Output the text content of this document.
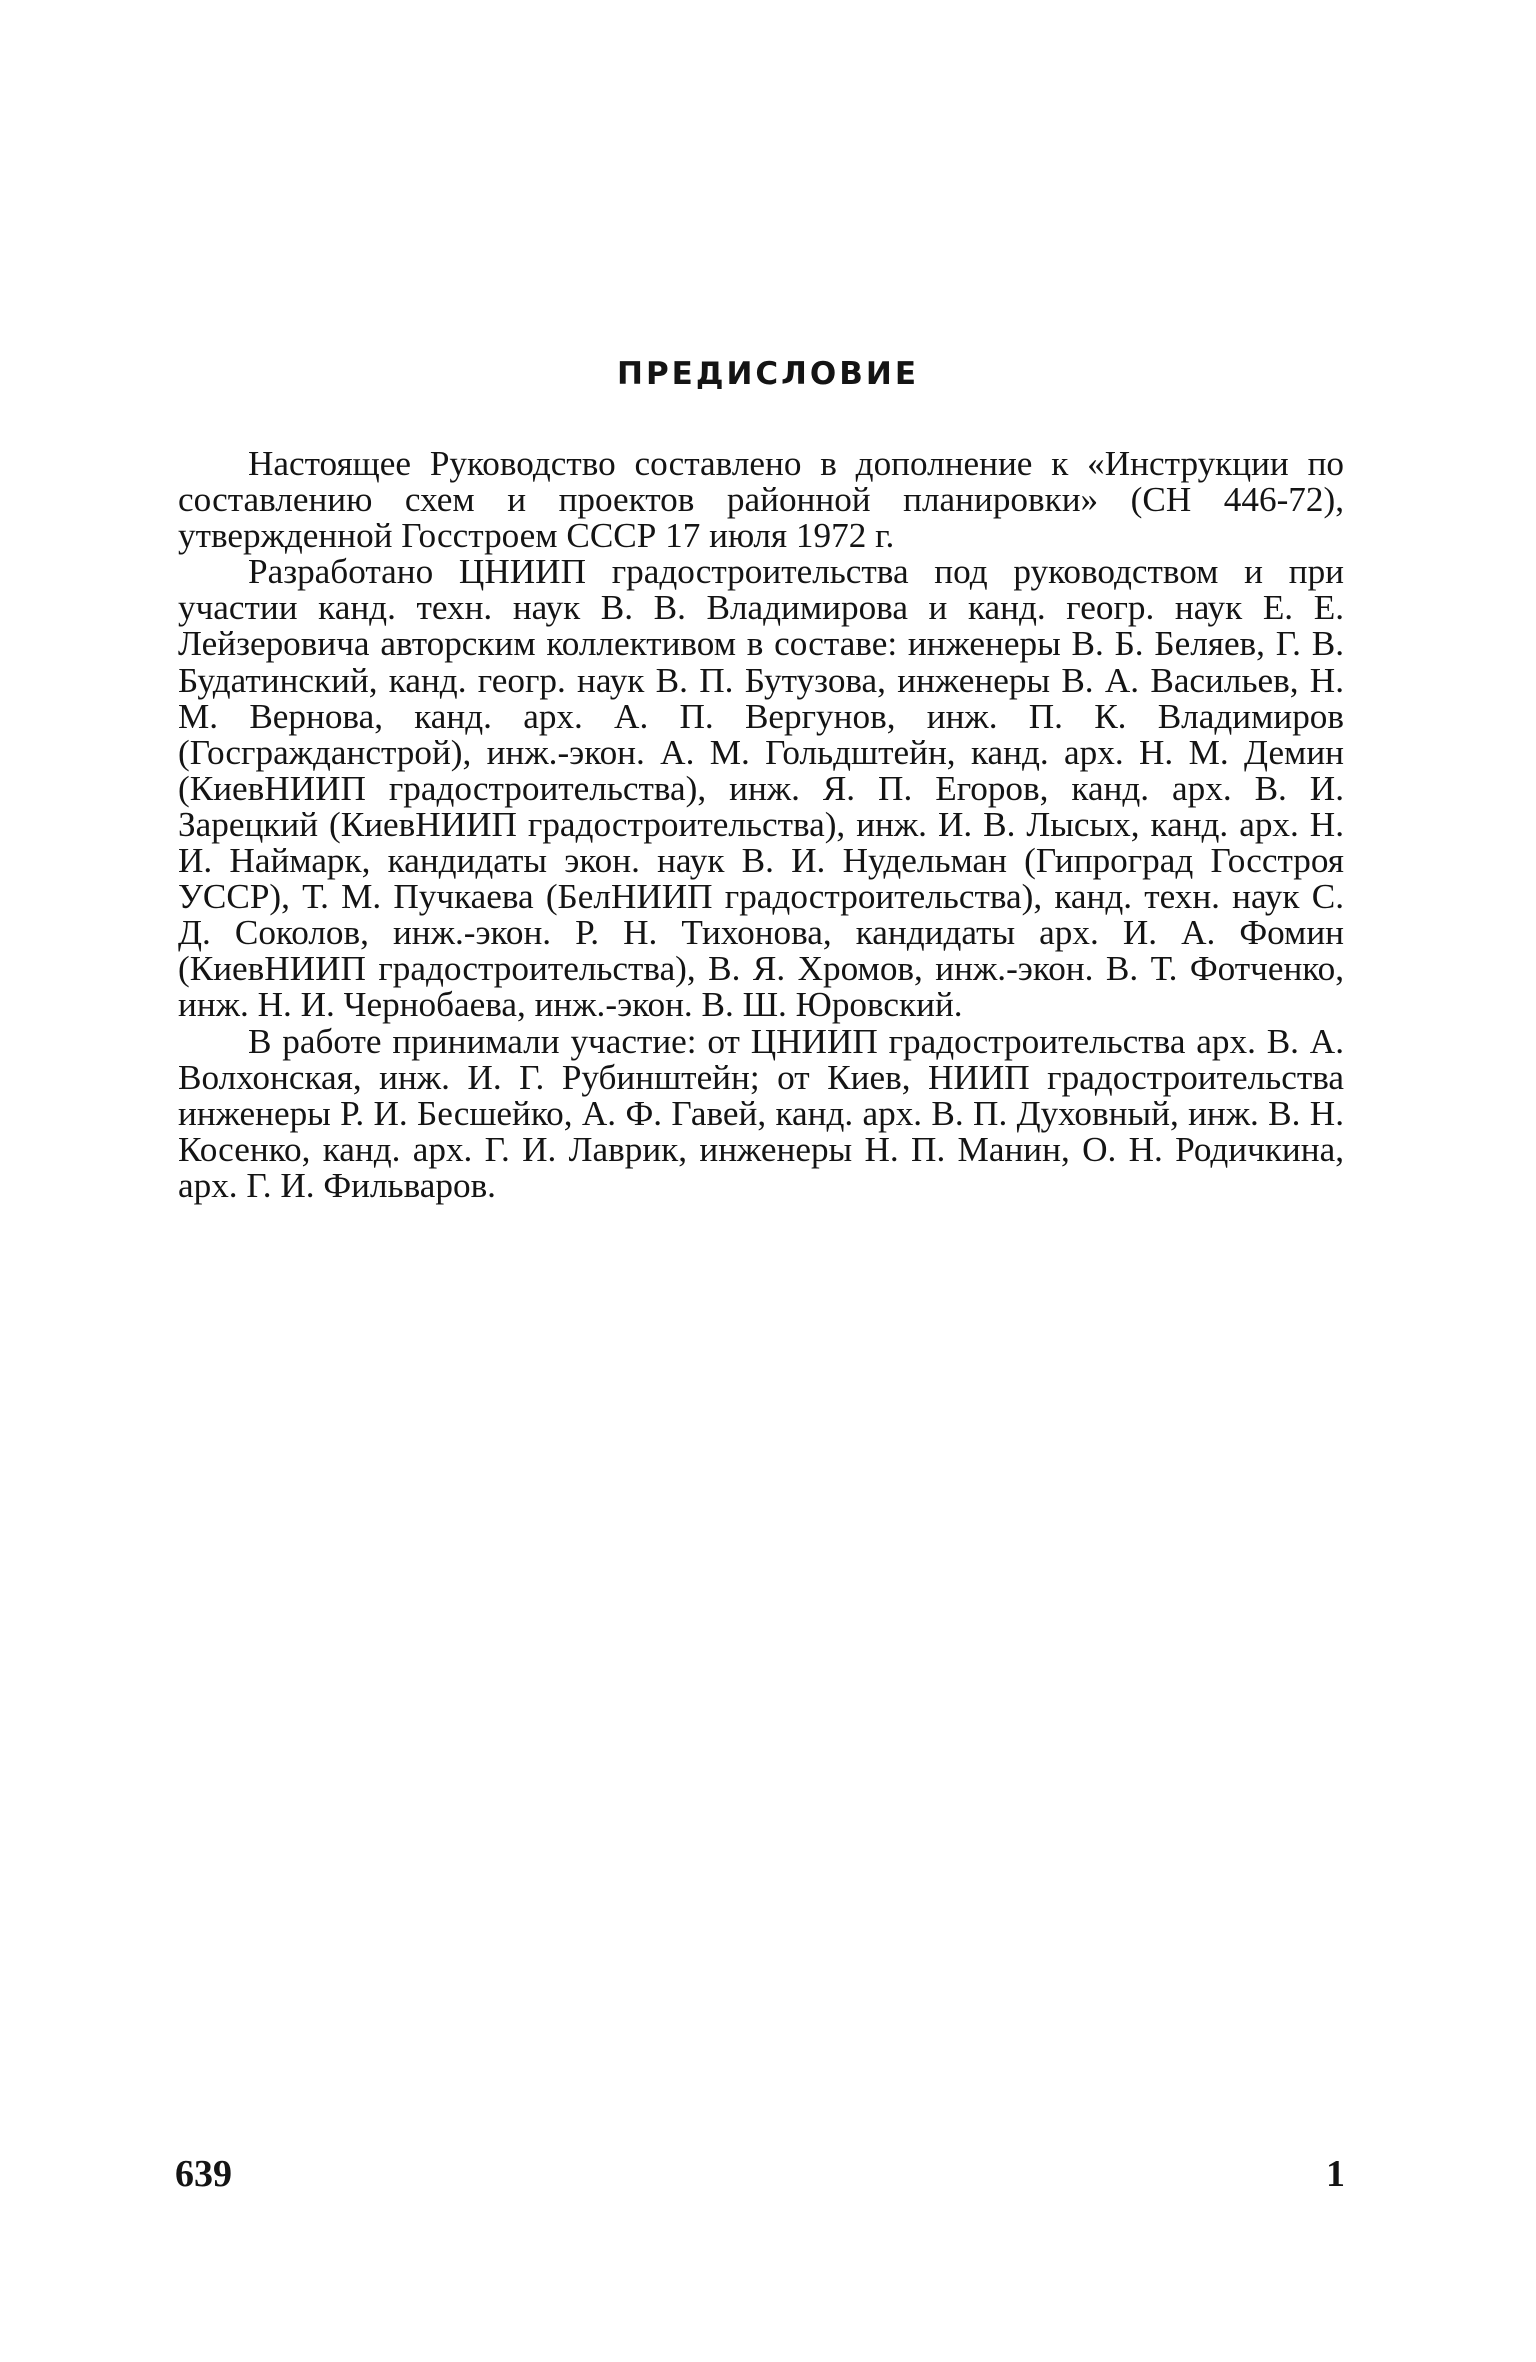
ПРЕДИСЛОВИЕ

Настоящее Руководство составлено в дополнение к «Инструкции по составлению схем и проектов районной планировки» (СН 446-72), утвержденной Госстроем СССР 17 июля 1972 г.

Разработано ЦНИИП градостроительства под руководством и при участии канд. техн. наук В. В. Владимирова и канд. геогр. наук Е. Е. Лейзеровича авторским коллективом в составе: инженеры В. Б. Беляев, Г. В. Будатинский, канд. геогр. наук В. П. Бутузова, инженеры В. А. Васильев, Н. М. Вернова, канд. арх. А. П. Вергунов, инж. П. К. Владимиров (Госгражданстрой), инж.-экон. А. М. Гольдштейн, канд. арх. Н. М. Демин (КиевНИИП градостроительства), инж. Я. П. Егоров, канд. арх. В. И. Зарецкий (КиевНИИП градостроительства), инж. И. В. Лысых, канд. арх. Н. И. Наймарк, кандидаты экон. наук В. И. Нудельман (Гипроград Госстроя УССР), Т. М. Пучкаева (БелНИИП градостроительства), канд. техн. наук С. Д. Соколов, инж.-экон. Р. Н. Тихонова, кандидаты арх. И. А. Фомин (КиевНИИП градостроительства), В. Я. Хромов, инж.-экон. В. Т. Фотченко, инж. Н. И. Чернобаева, инж.-экон. В. Ш. Юровский.

В работе принимали участие: от ЦНИИП градостроительства арх. В. А. Волхонская, инж. И. Г. Рубинштейн; от Киев, НИИП градостроительства инженеры Р. И. Бесшейко, А. Ф. Гавей, канд. арх. В. П. Духовный, инж. В. Н. Косенко, канд. арх. Г. И. Лаврик, инженеры Н. П. Манин, О. Н. Родичкина, арх. Г. И. Фильваров.

639	1
